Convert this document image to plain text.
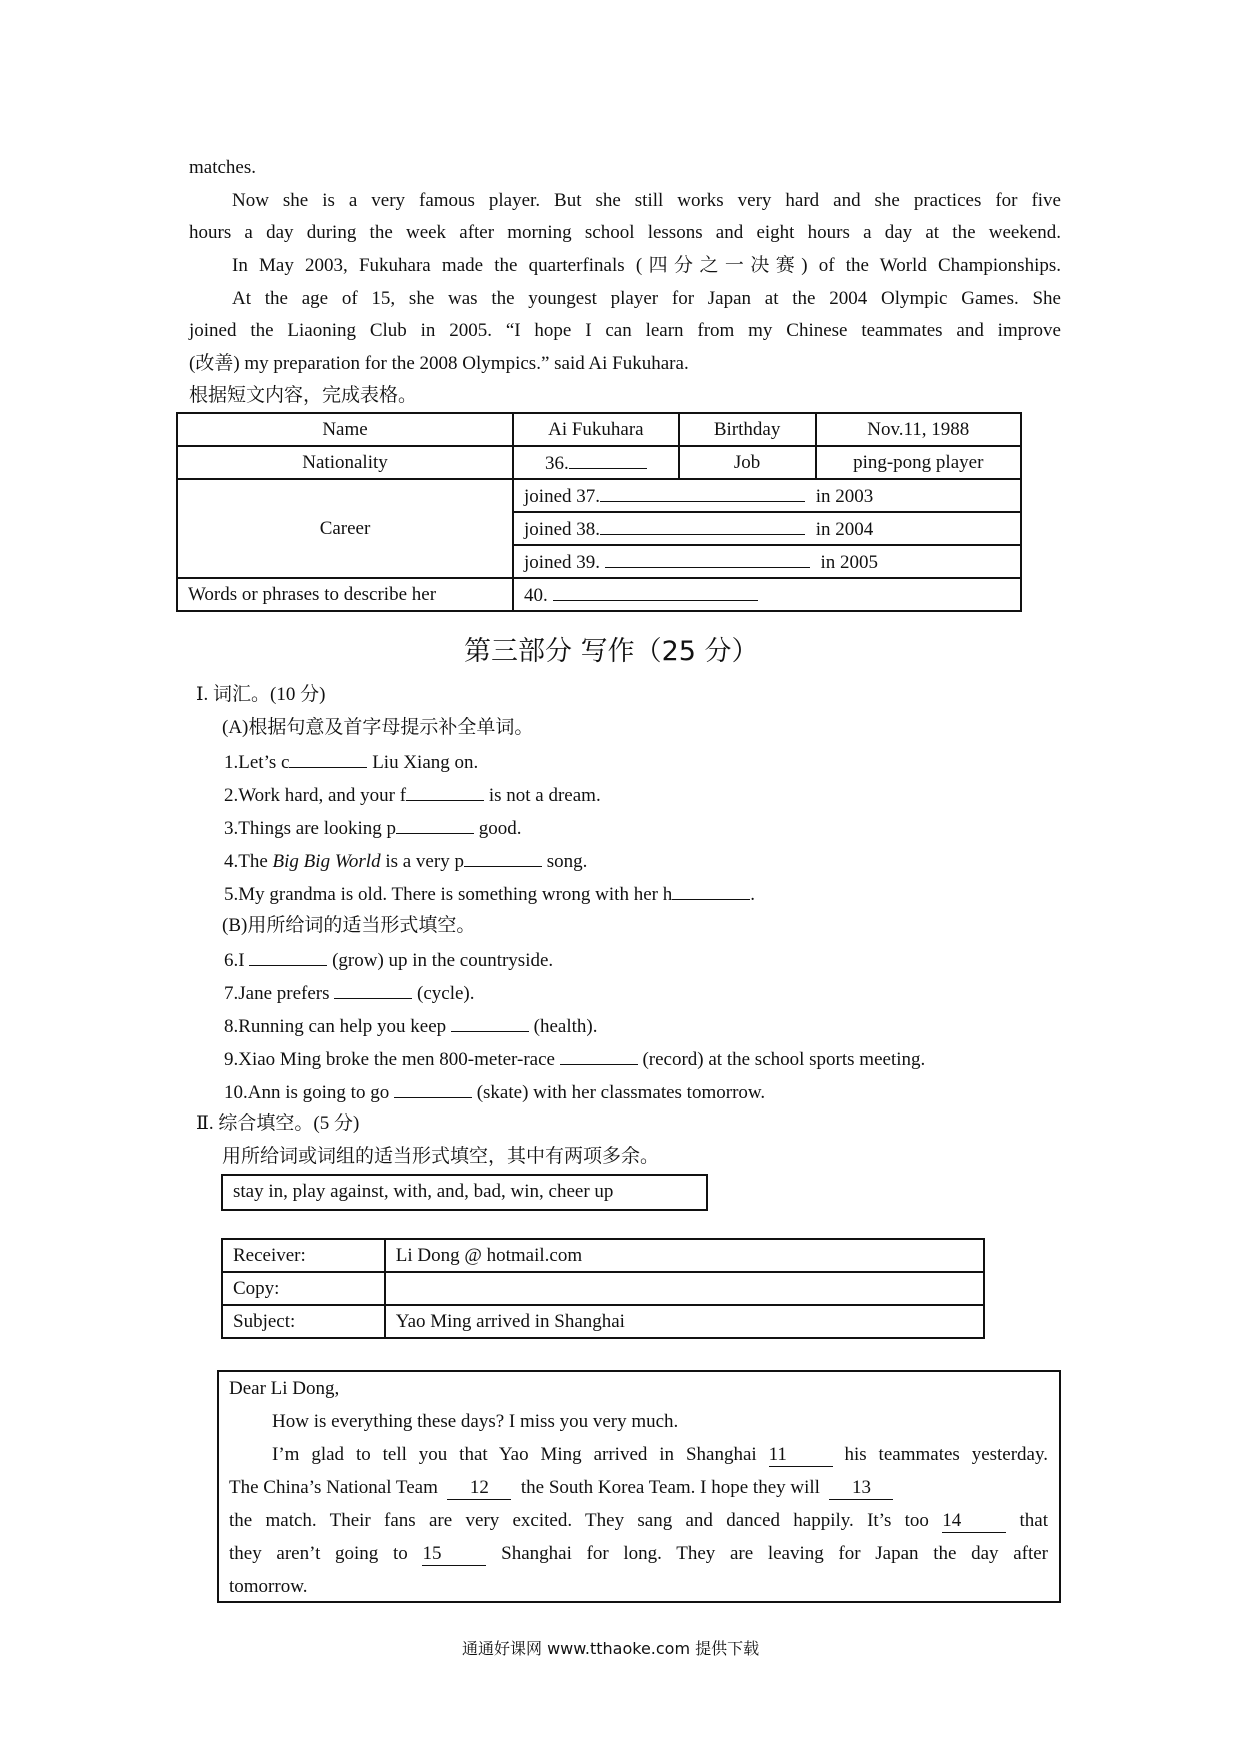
matches.
Now she is a very famous player. But she still works very hard and she practices for five
hours a day during the week after morning school lessons and eight hours a day at the weekend.
In May 2003, Fukuhara made the quarterfinals (四分之一决赛) of the World Championships.
At the age of 15, she was the youngest player for Japan at the 2004 Olympic Games. She
joined the Liaoning Club in 2005. “I hope I can learn from my Chinese teammates and improve
(改善) my preparation for the 2008 Olympics.” said Ai Fukuhara.
根据短文内容，完成表格。
Name	Ai Fukuhara	Birthday	Nov.11, 1988
Nationality	36.	Job	ping-pong player
Career	joined 37. in 2003		
	joined 38. in 2004		
	joined 39. in 2005		
Words or phrases to describe her	40.		
第三部分 写作（25 分）
Ⅰ. 词汇。(10 分)
(A)根据句意及首字母提示补全单词。
1.Let’s c	Liu Xiang on.
2.Work hard, and your f	is not a dream.
3.Things are looking p	good.
4.The Big Big World is a very p	song.
5.My grandma is old. There is something wrong with her h	.
(B)用所给词的适当形式填空。
6.I	(grow) up in the countryside.
7.Jane prefers	(cycle).
8.Running can help you keep	(health).
9.Xiao Ming broke the men 800-meter-race	(record) at the school sports meeting.
10.Ann is going to go	(skate) with her classmates tomorrow.
Ⅱ. 综合填空。(5 分)
用所给词或词组的适当形式填空，其中有两项多余。
stay in, play against, with, and, bad, win, cheer up
Receiver:	Li Dong @ hotmail.com
Copy:	
Subject:	Yao Ming arrived in Shanghai
Dear Li Dong,
How is everything these days? I miss you very much.
I’m glad to tell you that Yao Ming arrived in Shanghai 11	his teammates yesterday.
The China’s National Team 12 the South Korea Team. I hope they will 13
the match. Their fans are very excited. They sang and danced happily. It’s too 14	that
they aren’t going to 15	Shanghai for long. They are leaving for Japan the day after
tomorrow.
通通好课网 www.tthaoke.com 提供下载
